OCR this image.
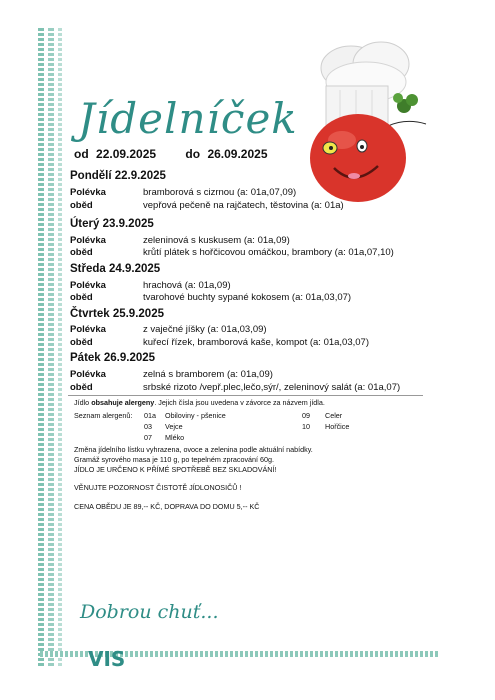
Jídelníček
od 22.09.2025 do 26.09.2025
Pondělí 22.9.2025
Polévka	bramborová s cizrnou (a: 01a,07,09)
oběd	vepřová pečeně na rajčatech, těstovina (a: 01a)
Úterý 23.9.2025
Polévka	zeleninová s kuskusem (a: 01a,09)
oběd	krůtí plátek s hořčicovou omáčkou, brambory (a: 01a,07,10)
Středa 24.9.2025
Polévka	hrachová (a: 01a,09)
oběd	tvarohové buchty sypané kokosem (a: 01a,03,07)
Čtvrtek 25.9.2025
Polévka	z vaječné jíšky (a: 01a,03,09)
oběd	kuřecí řízek, bramborová kaše, kompot (a: 01a,03,07)
Pátek 26.9.2025
Polévka	zelná s bramborem (a: 01a,09)
oběd	srbské rizoto /vepř.plec,lečo,sýr/, zeleninový salát (a: 01a,07)
Jídlo obsahuje alergeny. Jejich čísla jsou uvedena v závorce za názvem jídla.
Seznam alergenů: 01a Obiloviny - pšenice
03 Vejce
07 Mléko
09 Celer
10 Hořčice
Změna jídelního lístku vyhrazena, ovoce a zelenina podle aktuální nabídky.
Gramáž syrového masa je 110 g, po tepelném zpracování 60g.
JÍDLO JE URČENO K PŘÍMÉ SPOTŘEBĚ BEZ SKLADOVÁNÍ!
VĚNUJTE POZORNOST ČISTOTĚ JÍDLONOSIČŮ !
CENA OBĚDU JE 89,-- KČ, DOPRAVA DO DOMU 5,-- KČ
Dobrou chuť...
VIS
